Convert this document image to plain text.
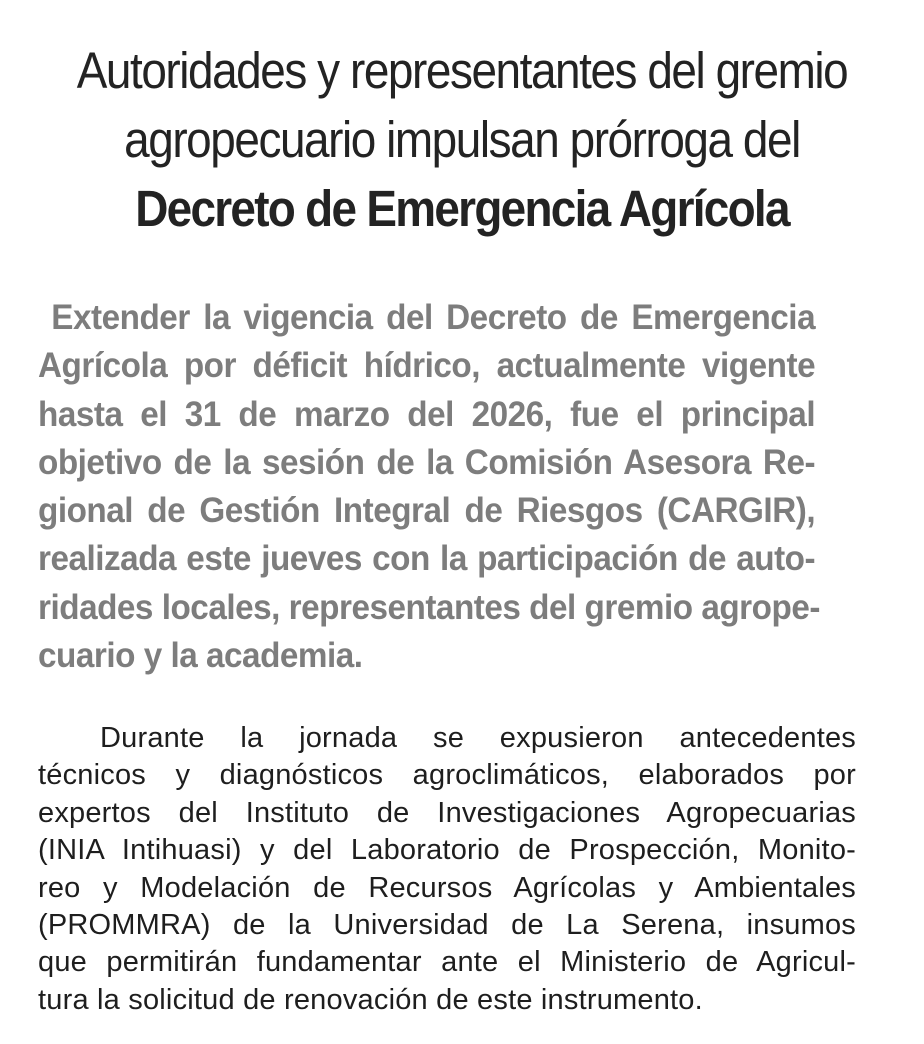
Autoridades y representantes del gremio
agropecuario impulsan prórroga del
Decreto de Emergencia Agrícola
Extender la vigencia del Decreto de Emergencia
Agrícola por déficit hídrico, actualmente vigente
hasta el 31 de marzo del 2026, fue el principal
objetivo de la sesión de la Comisión Asesora Re-
gional de Gestión Integral de Riesgos (CARGIR),
realizada este jueves con la participación de auto-
ridades locales, representantes del gremio agrope-
cuario y la academia.
Durante la jornada se expusieron antecedentes
técnicos y diagnósticos agroclimáticos, elaborados por
expertos del Instituto de Investigaciones Agropecuarias
(INIA Intihuasi) y del Laboratorio de Prospección, Monito-
reo y Modelación de Recursos Agrícolas y Ambientales
(PROMMRA) de la Universidad de La Serena, insumos
que permitirán fundamentar ante el Ministerio de Agricul-
tura la solicitud de renovación de este instrumento.
